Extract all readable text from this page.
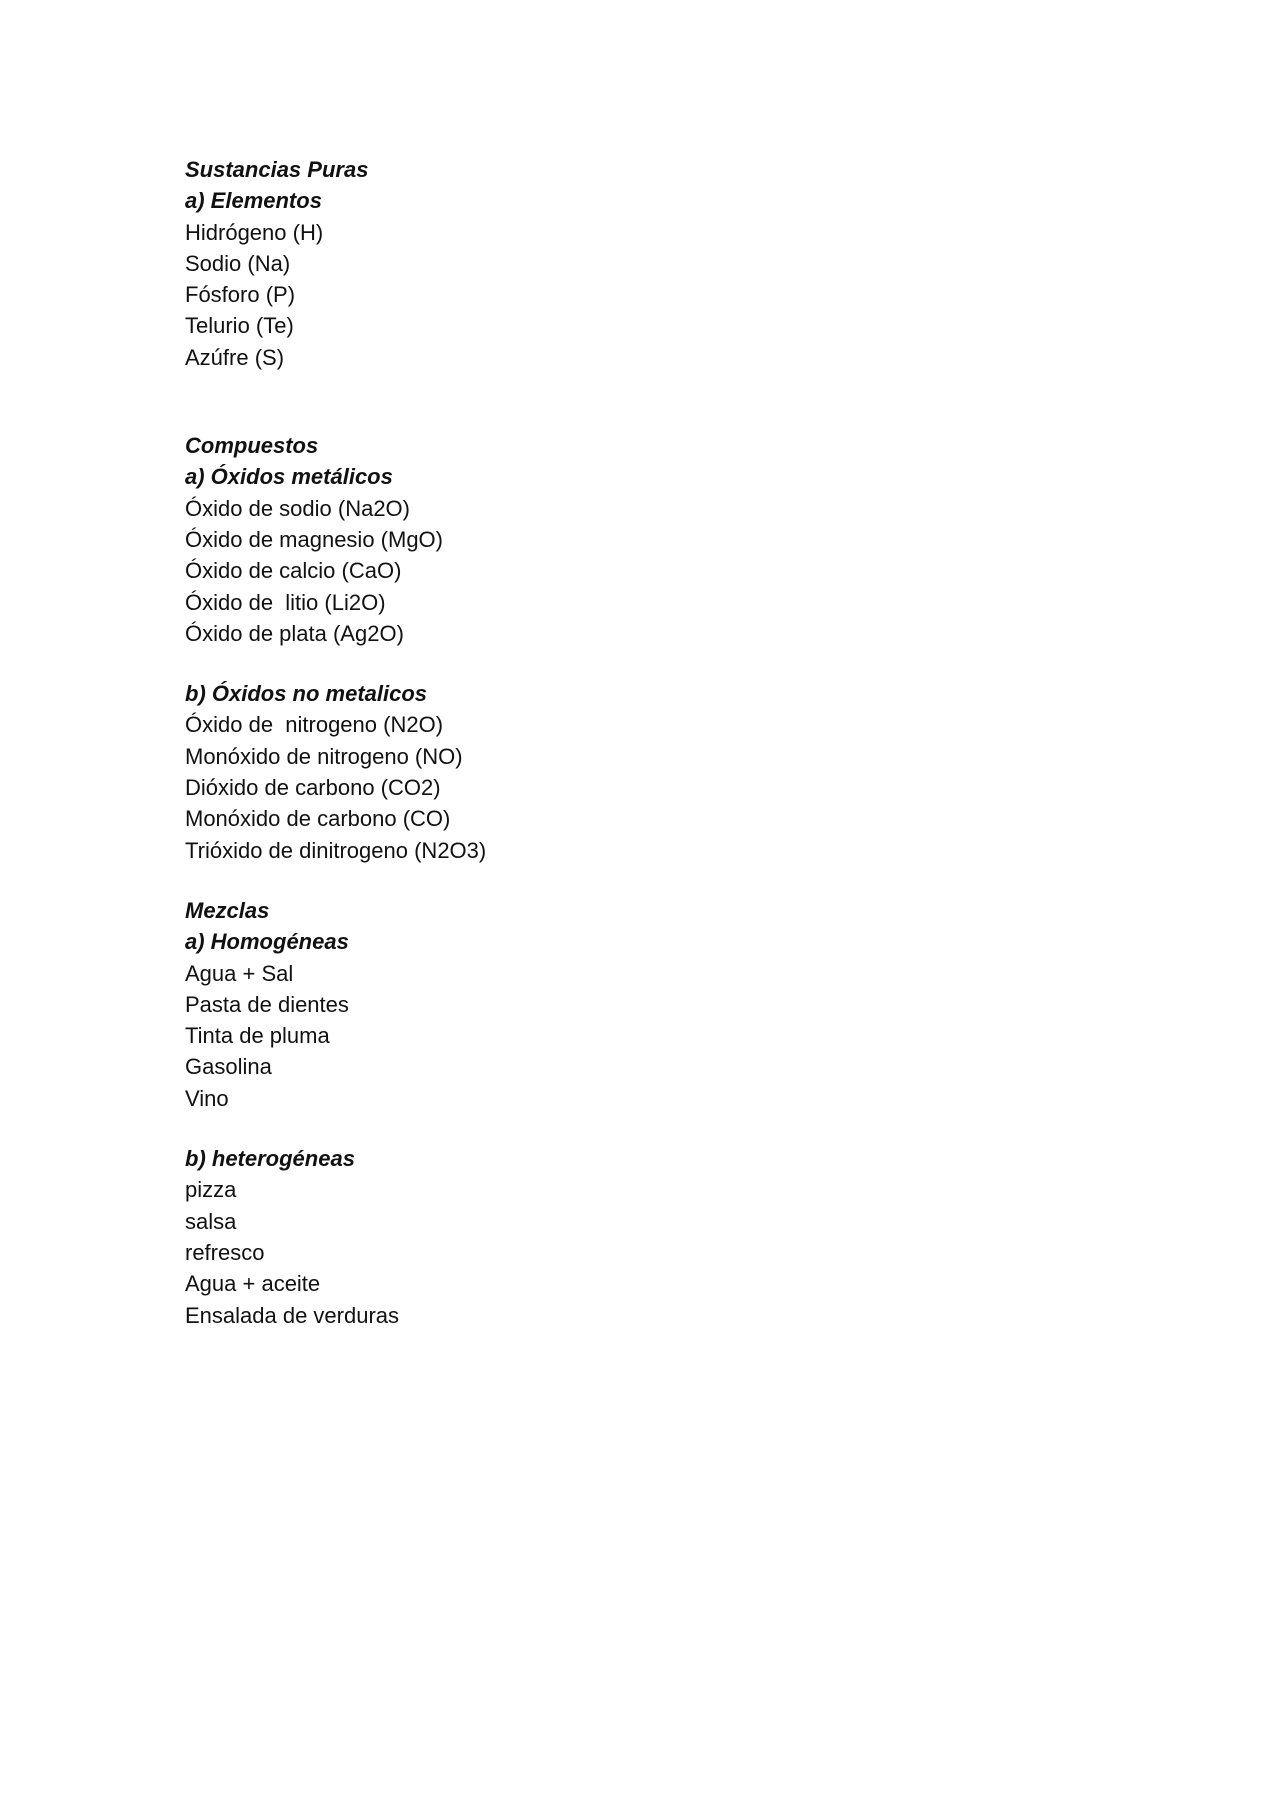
Sustancias Puras

a) Elementos

Hidrógeno (H)
Sodio (Na)
Fósforo (P)
Telurio (Te)
Azúfre (S)

Compuestos

a) Óxidos metálicos

Óxido de sodio (Na2O)
Óxido de magnesio (MgO)
Óxido de calcio (CaO)
Óxido de  litio (Li2O)
Óxido de plata (Ag2O)

b) Óxidos no metalicos

Óxido de  nitrogeno (N2O)
Monóxido de nitrogeno (NO)
Dióxido de carbono (CO2)
Monóxido de carbono (CO)
Trióxido de dinitrogeno (N2O3)

Mezclas

a) Homogéneas

Agua + Sal
Pasta de dientes
Tinta de pluma
Gasolina
Vino

b) heterogéneas

pizza
salsa
refresco
Agua + aceite
Ensalada de verduras
